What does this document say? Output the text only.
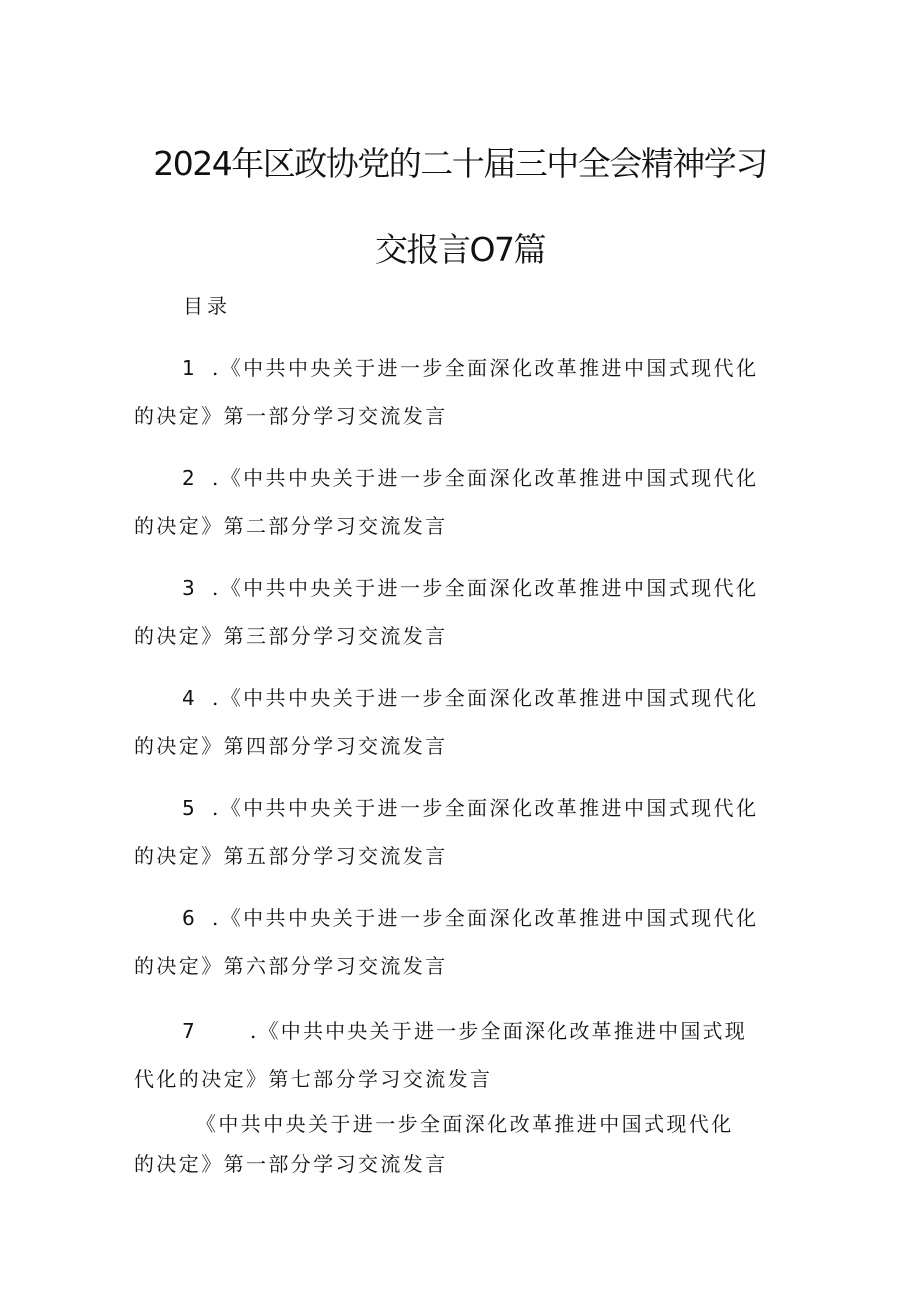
2024年区政协党的二十届三中全会精神学习
交报言O7篇
目录
1 .《中共中央关于进一步全面深化改革推进中国式现代化
的决定》第一部分学习交流发言
2 .《中共中央关于进一步全面深化改革推进中国式现代化
的决定》第二部分学习交流发言
3 .《中共中央关于进一步全面深化改革推进中国式现代化
的决定》第三部分学习交流发言
4 .《中共中央关于进一步全面深化改革推进中国式现代化
的决定》第四部分学习交流发言
5 .《中共中央关于进一步全面深化改革推进中国式现代化
的决定》第五部分学习交流发言
6 .《中共中央关于进一步全面深化改革推进中国式现代化
的决定》第六部分学习交流发言
7	.《中共中央关于进一步全面深化改革推进中国式现
代化的决定》第七部分学习交流发言
《中共中央关于进一步全面深化改革推进中国式现代化
的决定》第一部分学习交流发言
